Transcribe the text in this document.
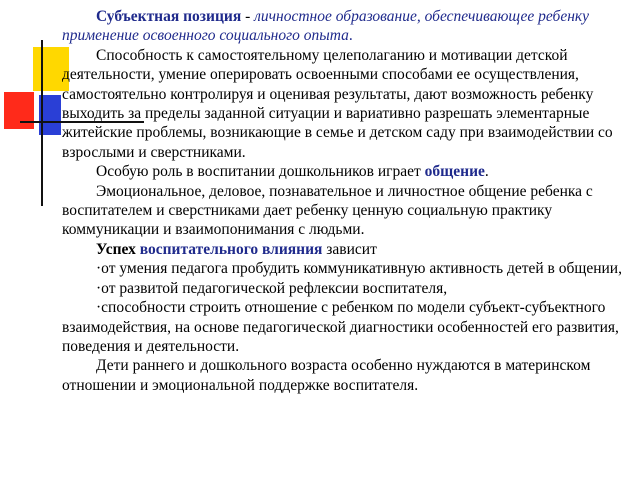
Субъектная позиция - личностное образование, обеспечивающее ребенку применение освоенного социального опыта.

Способность к самостоятельному целеполаганию и мотивации детской деятельности, умение оперировать освоенными способами ее осуществления, самостоятельно контролируя и оценивая результаты, дают возможность ребенку выходить за пределы заданной ситуации и вариативно разрешать элементарные житейские проблемы, возникающие в семье и детском саду при взаимодействии со взрослыми и сверстниками.

Особую роль в воспитании дошкольников играет общение.

Эмоциональное, деловое, познавательное и личностное общение ребенка с воспитателем и сверстниками дает ребенку ценную социальную практику коммуникации и взаимопонимания с людьми.

Успех воспитательного влияния зависит

·от умения педагога пробудить коммуникативную активность детей в общении,

·от развитой педагогической рефлексии воспитателя,

·способности строить отношение с ребенком по модели субъект-субъектного взаимодействия, на основе педагогической диагностики особенностей его развития, поведения и деятельности.

Дети раннего и дошкольного возраста особенно нуждаются в материнском отношении и эмоциональной поддержке воспитателя.
